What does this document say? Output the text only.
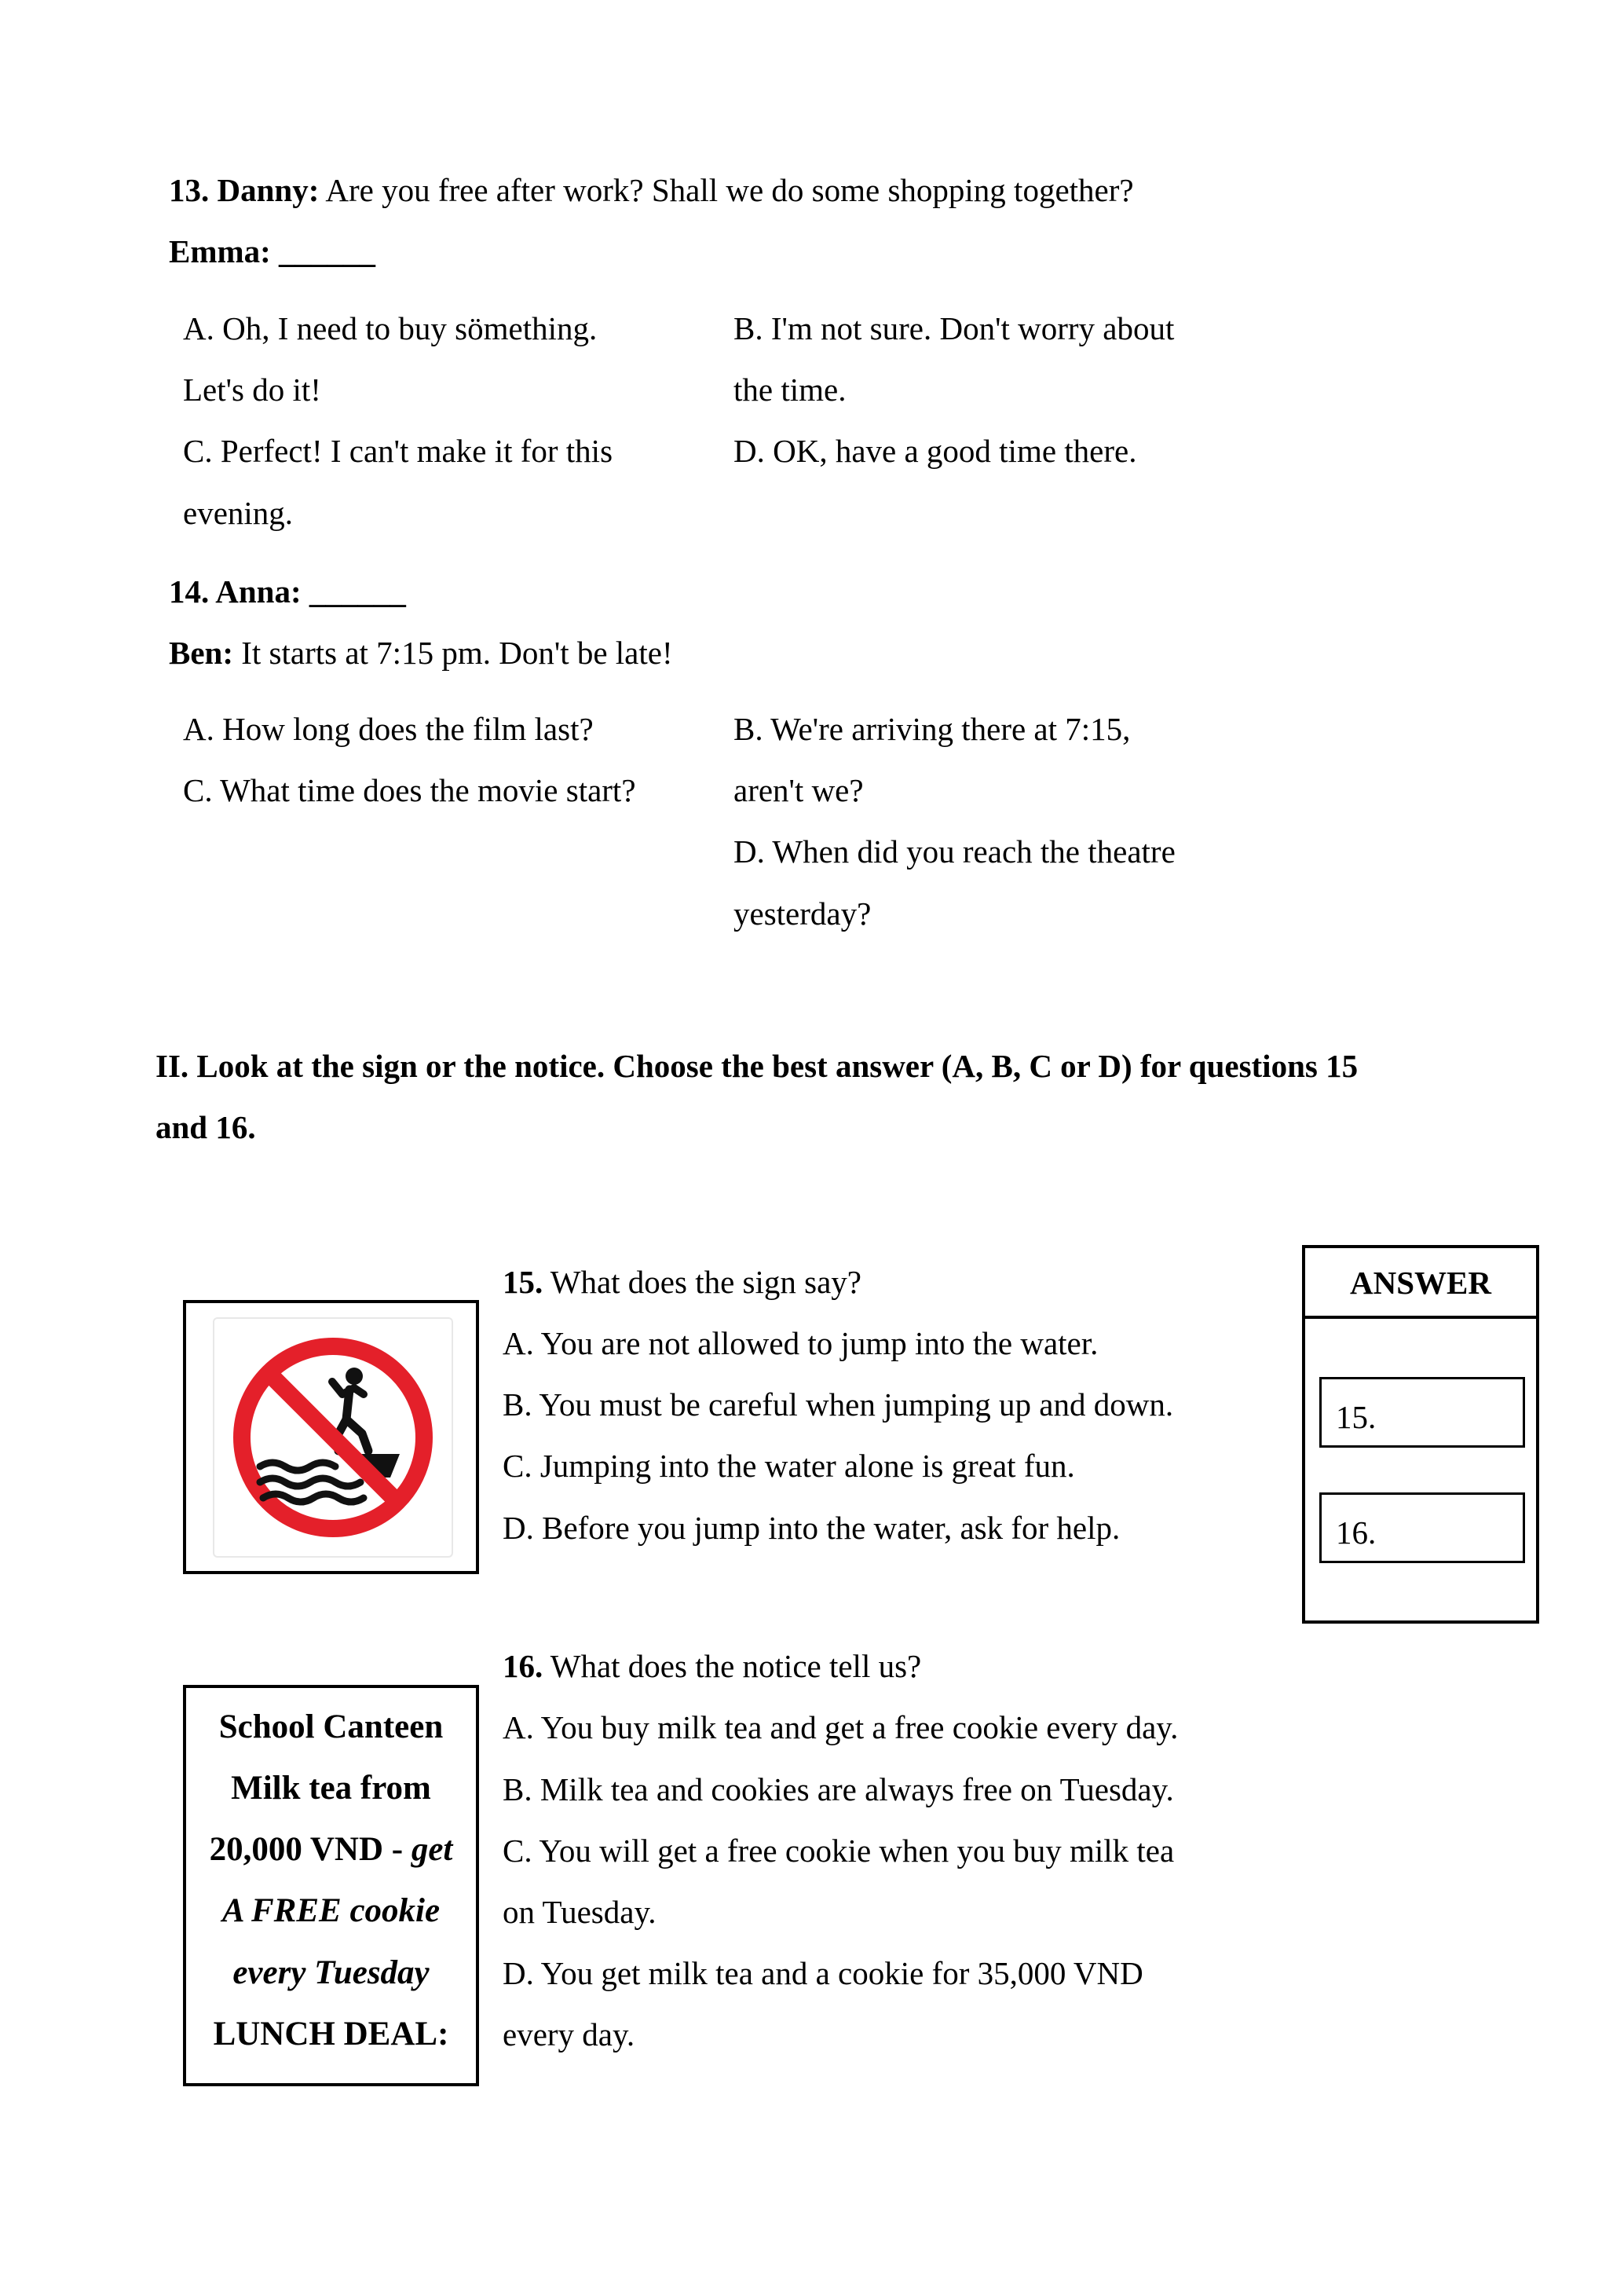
13. Danny: Are you free after work? Shall we do some shopping together?
Emma: ______
A. Oh, I need to buy sömething.
Let's do it!
B. I'm not sure. Don't worry about
the time.
C. Perfect! I can't make it for this
evening.
D. OK, have a good time there.
14. Anna: ______
Ben: It starts at 7:15 pm. Don't be late!
A. How long does the film last?	B. We're arriving there at 7:15,
C. What time does the movie start?	aren't we?
D. When did you reach the theatre
yesterday?
II. Look at the sign or the notice. Choose the best answer (A, B, C or D) for questions 15
and 16.
15. What does the sign say?
A. You are not allowed to jump into the water.
B. You must be careful when jumping up and down.
C. Jumping into the water alone is great fun.
D. Before you jump into the water, ask for help.
ANSWER
15.
16.
School Canteen
Milk tea from
20,000 VND - get
A FREE cookie
every Tuesday
LUNCH DEAL:
16. What does the notice tell us?
A. You buy milk tea and get a free cookie every day.
B. Milk tea and cookies are always free on Tuesday.
C. You will get a free cookie when you buy milk tea
on Tuesday.
D. You get milk tea and a cookie for 35,000 VND
every day.
